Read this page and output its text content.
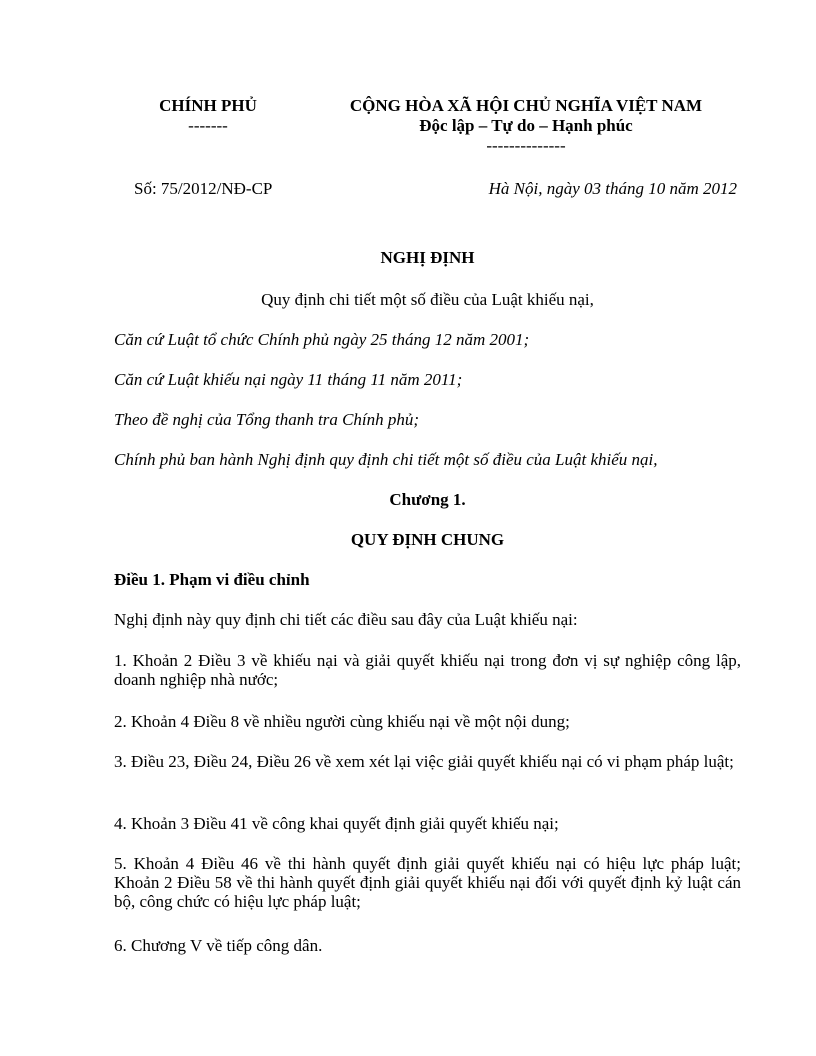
CHÍNH PHỦ
-------
CỘNG HÒA XÃ HỘI CHỦ NGHĨA VIỆT NAM
Độc lập – Tự do – Hạnh phúc
--------------
Số: 75/2012/NĐ-CP	Hà Nội, ngày 03 tháng 10 năm 2012
NGHỊ ĐỊNH
Quy định chi tiết một số điều của Luật khiếu nại,
Căn cứ Luật tổ chức Chính phủ ngày 25 tháng 12 năm 2001;
Căn cứ Luật khiếu nại ngày 11 tháng 11 năm 2011;
Theo đề nghị của Tổng thanh tra Chính phủ;
Chính phủ ban hành Nghị định quy định chi tiết một số điều của Luật khiếu nại,
Chương 1.
QUY ĐỊNH CHUNG
Điều 1. Phạm vi điều chỉnh
Nghị định này quy định chi tiết các điều sau đây của Luật khiếu nại:

1. Khoản 2 Điều 3 về khiếu nại và giải quyết khiếu nại trong đơn vị sự nghiệp công lập, doanh nghiệp nhà nước;

2. Khoản 4 Điều 8 về nhiều người cùng khiếu nại về một nội dung;

3. Điều 23, Điều 24, Điều 26 về xem xét lại việc giải quyết khiếu nại có vi phạm pháp luật;

4. Khoản 3 Điều 41 về công khai quyết định giải quyết khiếu nại;

5. Khoản 4 Điều 46 về thi hành quyết định giải quyết khiếu nại có hiệu lực pháp luật; Khoản 2 Điều 58 về thi hành quyết định giải quyết khiếu nại đối với quyết định kỷ luật cán bộ, công chức có hiệu lực pháp luật;

6. Chương V về tiếp công dân.
